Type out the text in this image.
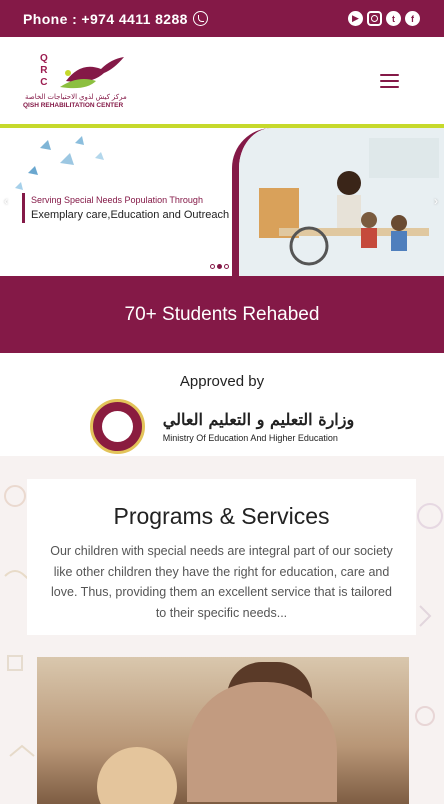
Phone : +974 4411 8288	▶	t	f
Q
R
C
مركز كيش لذوي الاحتياجات الخاصة
QISH REHABILITATION CENTER
Serving Special Needs Population Through
Exemplary care,Education and Outreach
‹	›
70+ Students Rehabed
Approved by
وزارة التعليم و التعليم العالي
Ministry Of Education And Higher Education
Programs & Services
Our children with special needs are integral part of our society like other children they have the right for education, care and love. Thus, providing them an excellent service that is tailored to their specific needs...
